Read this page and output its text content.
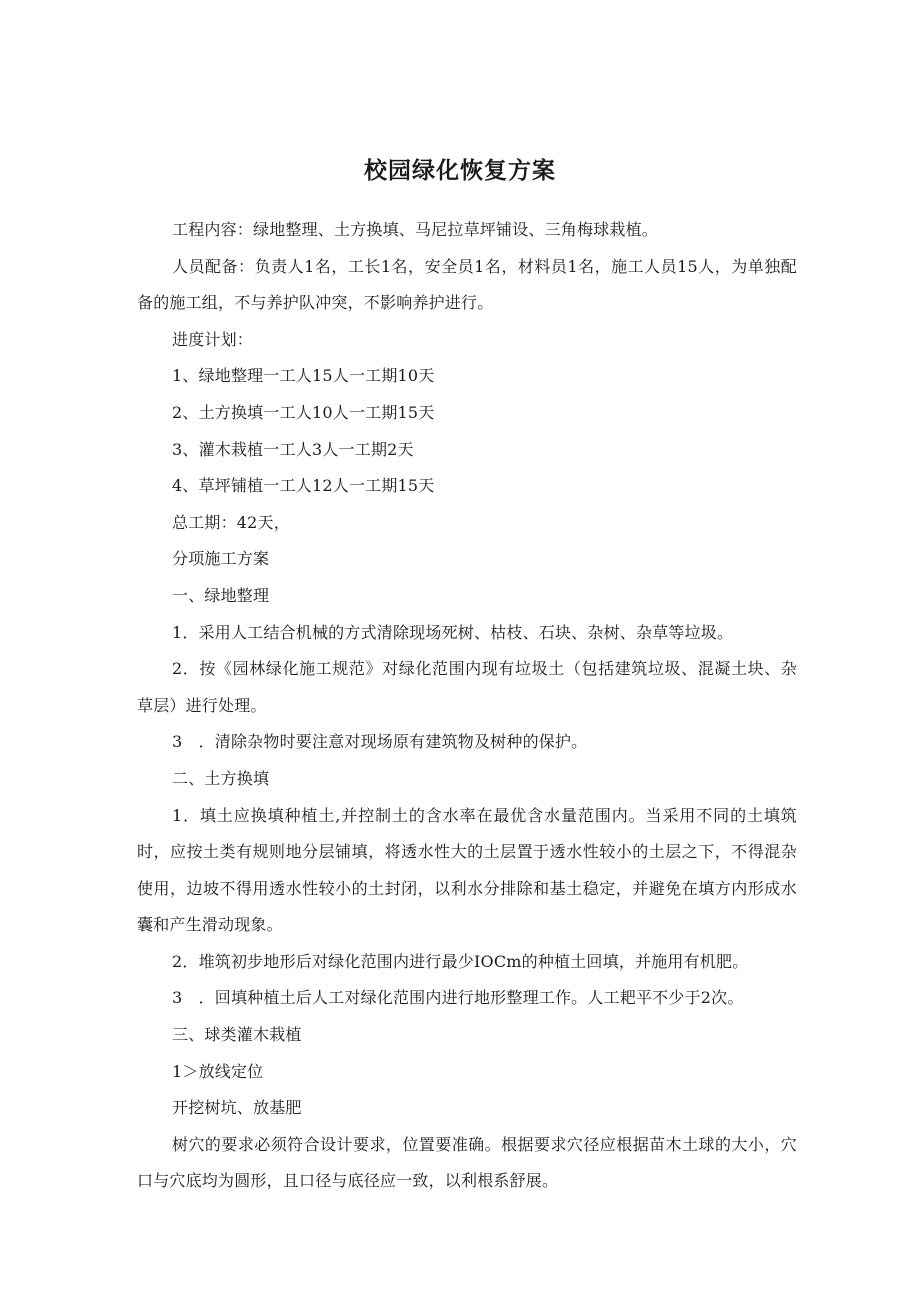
校园绿化恢复方案

工程内容：绿地整理、土方换填、马尼拉草坪铺设、三角梅球栽植。

人员配备：负责人1名，工长1名，安全员1名，材料员1名，施工人员15人，为单独配备的施工组，不与养护队冲突，不影响养护进行。

进度计划：

1、绿地整理一工人15人一工期10天

2、土方换填一工人10人一工期15天

3、灌木栽植一工人3人一工期2天

4、草坪铺植一工人12人一工期15天

总工期：42天，

分项施工方案

一、绿地整理

1．采用人工结合机械的方式清除现场死树、枯枝、石块、杂树、杂草等垃圾。

2．按《园林绿化施工规范》对绿化范围内现有垃圾土（包括建筑垃圾、混凝土块、杂草层）进行处理。

3　．清除杂物时要注意对现场原有建筑物及树种的保护。

二、土方换填

1．填土应换填种植土,并控制土的含水率在最优含水量范围内。当采用不同的土填筑时，应按土类有规则地分层铺填，将透水性大的土层置于透水性较小的土层之下，不得混杂使用，边坡不得用透水性较小的土封闭，以利水分排除和基土稳定，并避免在填方内形成水囊和产生滑动现象。

2．堆筑初步地形后对绿化范围内进行最少IOCm的种植土回填，并施用有机肥。

3　．回填种植土后人工对绿化范围内进行地形整理工作。人工耙平不少于2次。

三、球类灌木栽植

1＞放线定位

开挖树坑、放基肥

树穴的要求必须符合设计要求，位置要准确。根据要求穴径应根据苗木土球的大小，穴口与穴底均为圆形，且口径与底径应一致，以利根系舒展。
